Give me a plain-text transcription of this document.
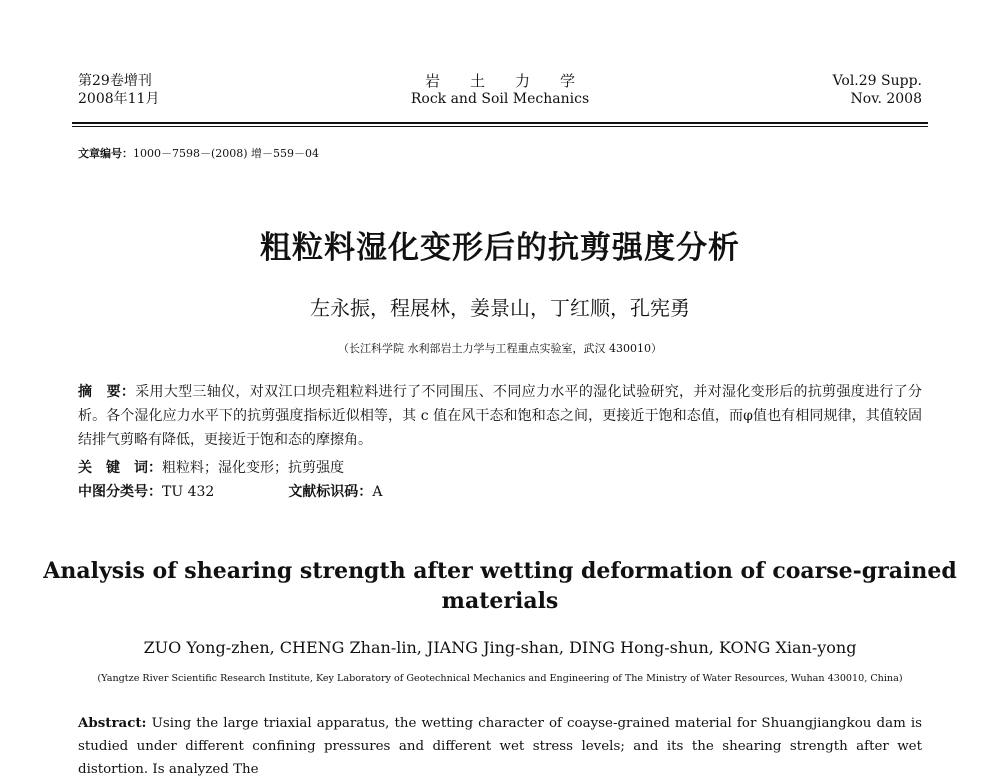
第29卷增刊
2008年11月
岩土力学
Rock and Soil Mechanics
Vol.29 Supp.
Nov. 2008
文章编号：1000－7598－(2008) 增－559－04
粗粒料湿化变形后的抗剪强度分析
左永振，程展林，姜景山，丁红顺，孔宪勇
（长江科学院 水利部岩土力学与工程重点实验室，武汉 430010）
摘　要：采用大型三轴仪，对双江口坝壳粗粒料进行了不同围压、不同应力水平的湿化试验研究，并对湿化变形后的抗剪强度进行了分析。各个湿化应力水平下的抗剪强度指标近似相等，其 c 值在风干态和饱和态之间，更接近于饱和态值，而φ值也有相同规律，其值较固结排气剪略有降低，更接近于饱和态的摩擦角。
关　键　词：粗粒料；湿化变形；抗剪强度
中图分类号：TU 432	文献标识码：A
Analysis of shearing strength after wetting deformation of coarse-grained materials
ZUO Yong-zhen, CHENG Zhan-lin, JIANG Jing-shan, DING Hong-shun, KONG Xian-yong
(Yangtze River Scientific Research Institute, Key Laboratory of Geotechnical Mechanics and Engineering of The Ministry of Water Resources, Wuhan 430010, China)
Abstract: Using the large triaxial apparatus, the wetting character of coayse-grained material for Shuangjiangkou dam is studied under different confining pressures and different wet stress levels; and its the shearing strength after wet distortion. Is analyzed The
